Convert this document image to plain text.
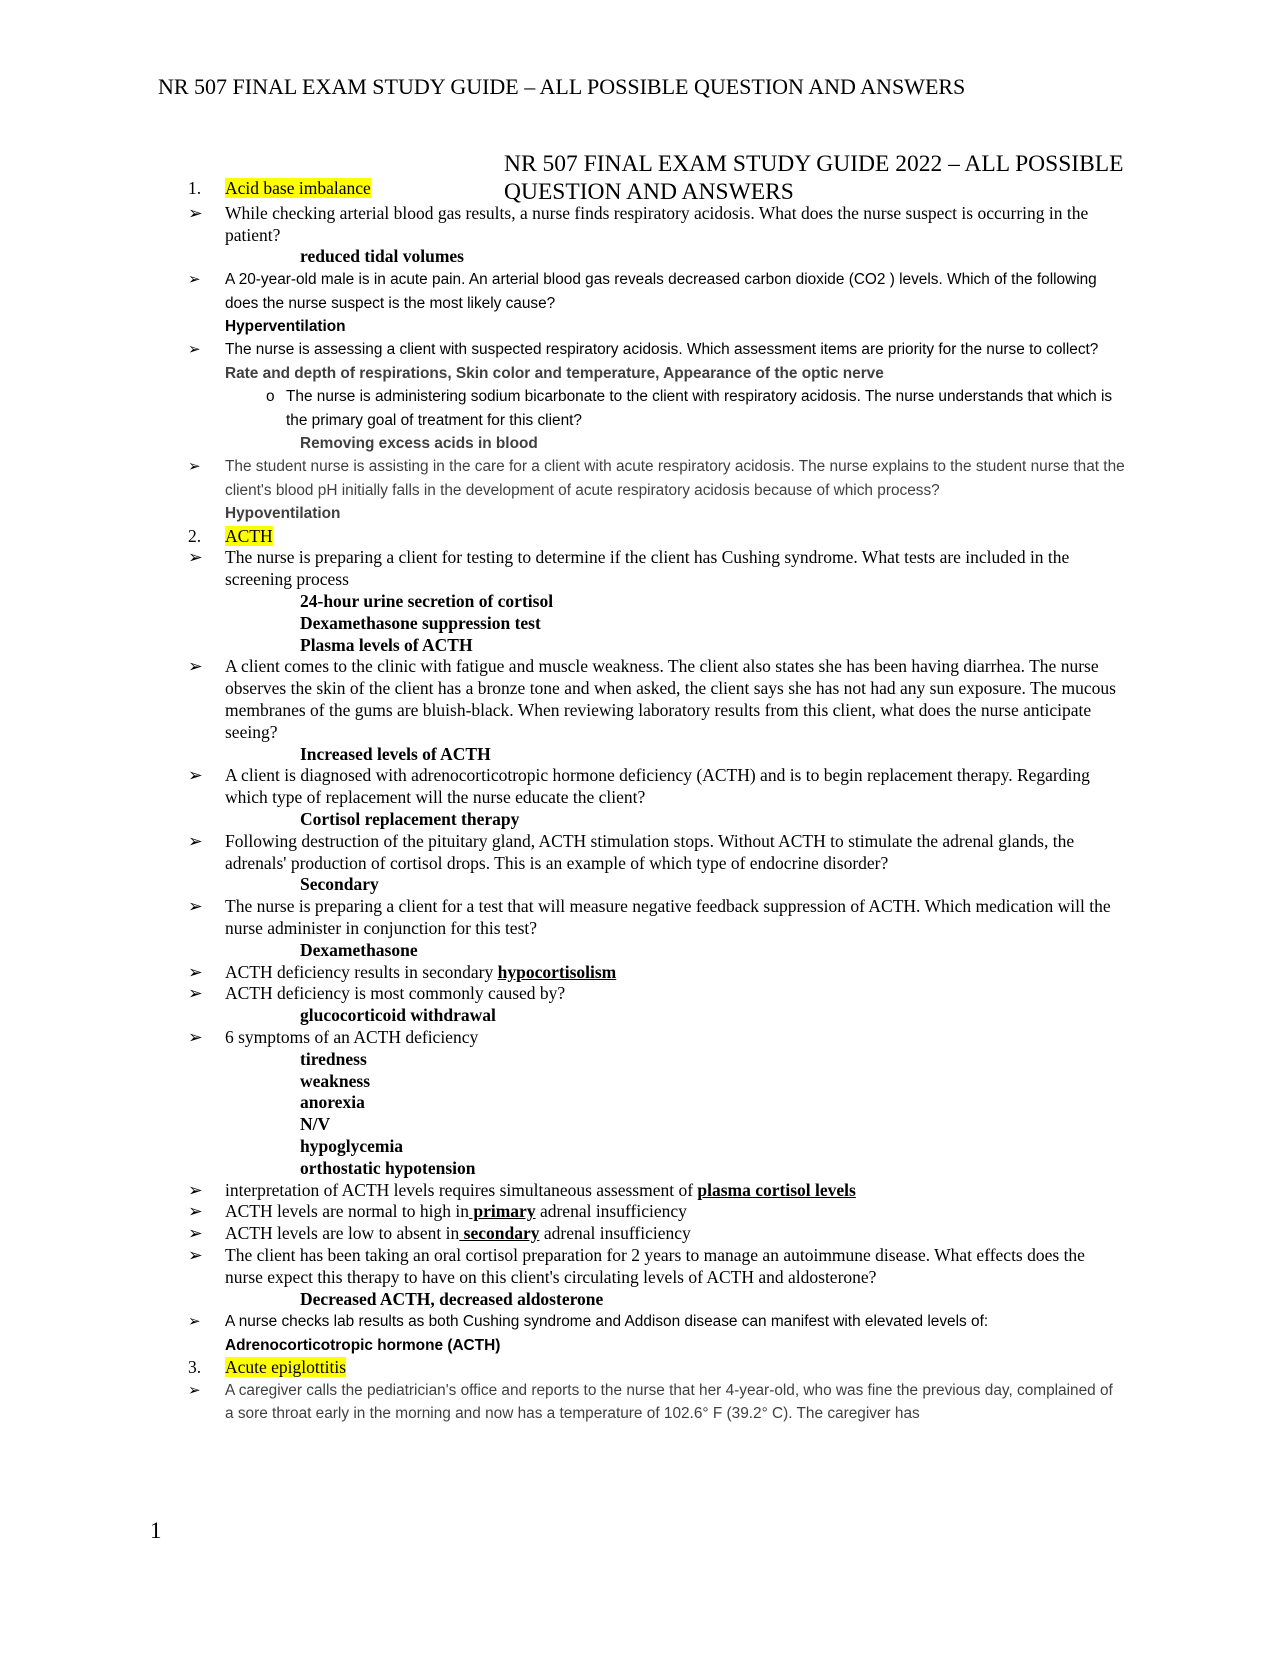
NR 507 FINAL EXAM STUDY GUIDE – ALL POSSIBLE QUESTION AND ANSWERS
NR 507 FINAL EXAM STUDY GUIDE 2022 – ALL POSSIBLE QUESTION AND ANSWERS
1. Acid base imbalance
➢ While checking arterial blood gas results, a nurse finds respiratory acidosis. What does the nurse suspect is occurring in the patient?
reduced tidal volumes
➢ A 20-year-old male is in acute pain. An arterial blood gas reveals decreased carbon dioxide (CO2 ) levels. Which of the following does the nurse suspect is the most likely cause?
Hyperventilation
➢ The nurse is assessing a client with suspected respiratory acidosis. Which assessment items are priority for the nurse to collect?
Rate and depth of respirations, Skin color and temperature, Appearance of the optic nerve
o The nurse is administering sodium bicarbonate to the client with respiratory acidosis. The nurse understands that which is the primary goal of treatment for this client?
Removing excess acids in blood
➢ The student nurse is assisting in the care for a client with acute respiratory acidosis. The nurse explains to the student nurse that the client's blood pH initially falls in the development of acute respiratory acidosis because of which process?
Hypoventilation
2. ACTH
➢ The nurse is preparing a client for testing to determine if the client has Cushing syndrome. What tests are included in the screening process
24-hour urine secretion of cortisol
Dexamethasone suppression test
Plasma levels of ACTH
➢ A client comes to the clinic with fatigue and muscle weakness. The client also states she has been having diarrhea. The nurse observes the skin of the client has a bronze tone and when asked, the client says she has not had any sun exposure. The mucous membranes of the gums are bluish-black. When reviewing laboratory results from this client, what does the nurse anticipate seeing?
Increased levels of ACTH
➢ A client is diagnosed with adrenocorticotropic hormone deficiency (ACTH) and is to begin replacement therapy. Regarding which type of replacement will the nurse educate the client?
Cortisol replacement therapy
➢ Following destruction of the pituitary gland, ACTH stimulation stops. Without ACTH to stimulate the adrenal glands, the adrenals' production of cortisol drops. This is an example of which type of endocrine disorder?
Secondary
➢ The nurse is preparing a client for a test that will measure negative feedback suppression of ACTH. Which medication will the nurse administer in conjunction for this test?
Dexamethasone
➢ ACTH deficiency results in secondary hypocortisolism
➢ ACTH deficiency is most commonly caused by?
glucocorticoid withdrawal
➢ 6 symptoms of an ACTH deficiency
tiredness
weakness
anorexia
N/V
hypoglycemia
orthostatic hypotension
➢ interpretation of ACTH levels requires simultaneous assessment of plasma cortisol levels
➢ ACTH levels are normal to high in primary adrenal insufficiency
➢ ACTH levels are low to absent in secondary adrenal insufficiency
➢ The client has been taking an oral cortisol preparation for 2 years to manage an autoimmune disease. What effects does the nurse expect this therapy to have on this client's circulating levels of ACTH and aldosterone?
Decreased ACTH, decreased aldosterone
➢ A nurse checks lab results as both Cushing syndrome and Addison disease can manifest with elevated levels of:
Adrenocorticotropic hormone (ACTH)
3. Acute epiglottitis
➢ A caregiver calls the pediatrician's office and reports to the nurse that her 4-year-old, who was fine the previous day, complained of a sore throat early in the morning and now has a temperature of 102.6° F (39.2° C). The caregiver has
1
